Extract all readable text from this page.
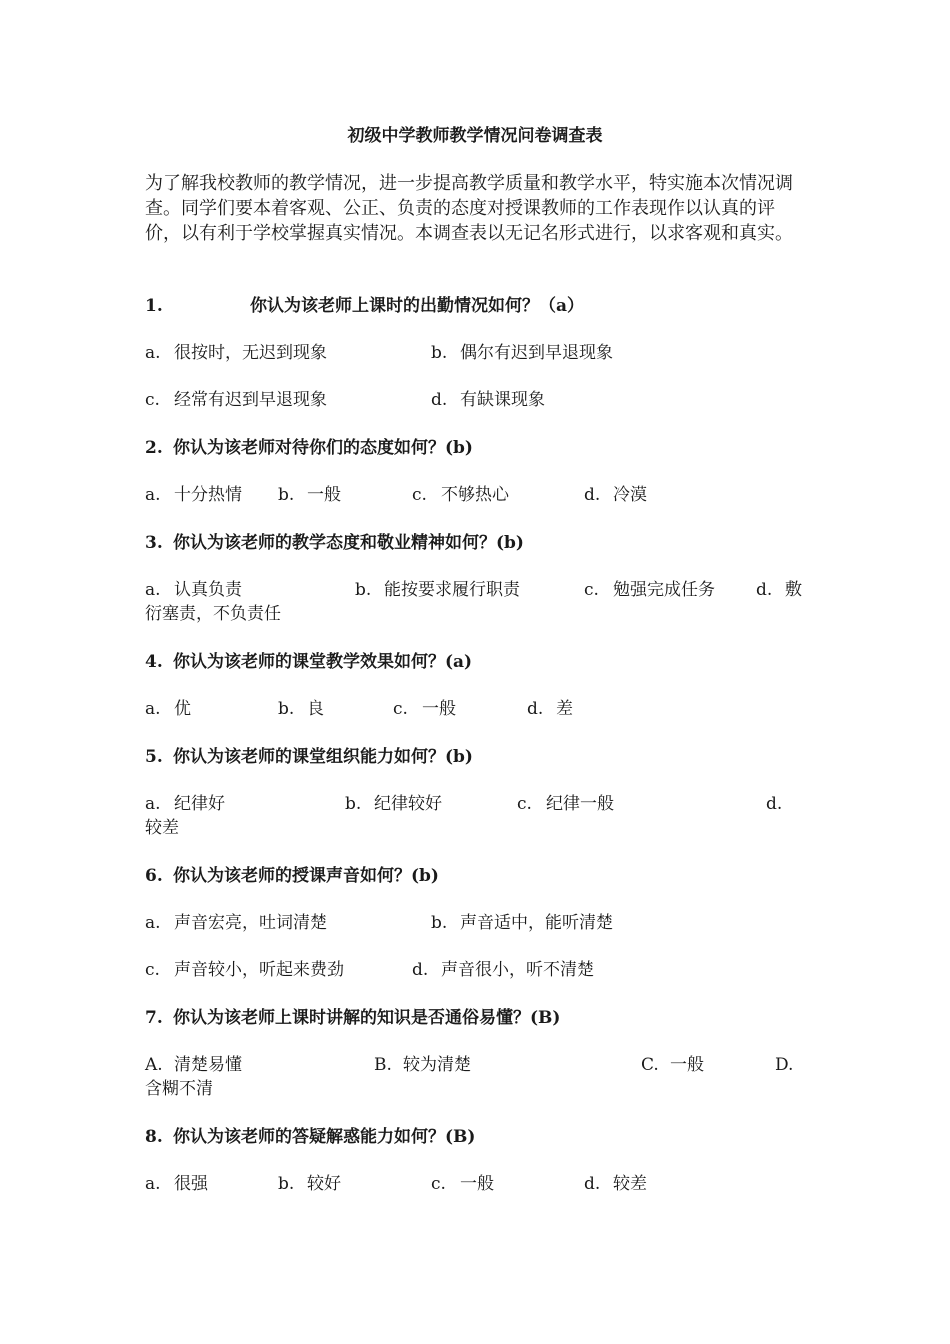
初级中学教师教学情况问卷调查表

为了解我校教师的教学情况，进一步提高教学质量和教学水平，特实施本次情况调查。同学们要本着客观、公正、负责的态度对授课教师的工作表现作以认真的评价，以有利于学校掌握真实情况。本调查表以无记名形式进行，以求客观和真实。

1.	你认为该老师上课时的出勤情况如何？（a）
a. 很按时，无迟到现象	b. 偶尔有迟到早退现象
c. 经常有迟到早退现象	d. 有缺课现象
2. 你认为该老师对待你们的态度如何？(b)
a. 十分热情 b. 一般	c. 不够热心	d. 冷漠
3. 你认为该老师的教学态度和敬业精神如何？(b)
a. 认真负责	b. 能按要求履行职责	c. 勉强完成任务 d. 敷
衍塞责，不负责任
4. 你认为该老师的课堂教学效果如何？(a)
a. 优	b. 良	c. 一般	d. 差
5. 你认为该老师的课堂组织能力如何？(b)
a. 纪律好	b. 纪律较好	c. 纪律一般	d.
较差
6. 你认为该老师的授课声音如何？(b)
a. 声音宏亮，吐词清楚	b. 声音适中，能听清楚
c. 声音较小，听起来费劲	d. 声音很小，听不清楚
7. 你认为该老师上课时讲解的知识是否通俗易懂？(B)
A. 清楚易懂	B. 较为清楚	C. 一般	D.
含糊不清
8. 你认为该老师的答疑解惑能力如何？(B)
a. 很强	b. 较好	c. 一般	d. 较差
